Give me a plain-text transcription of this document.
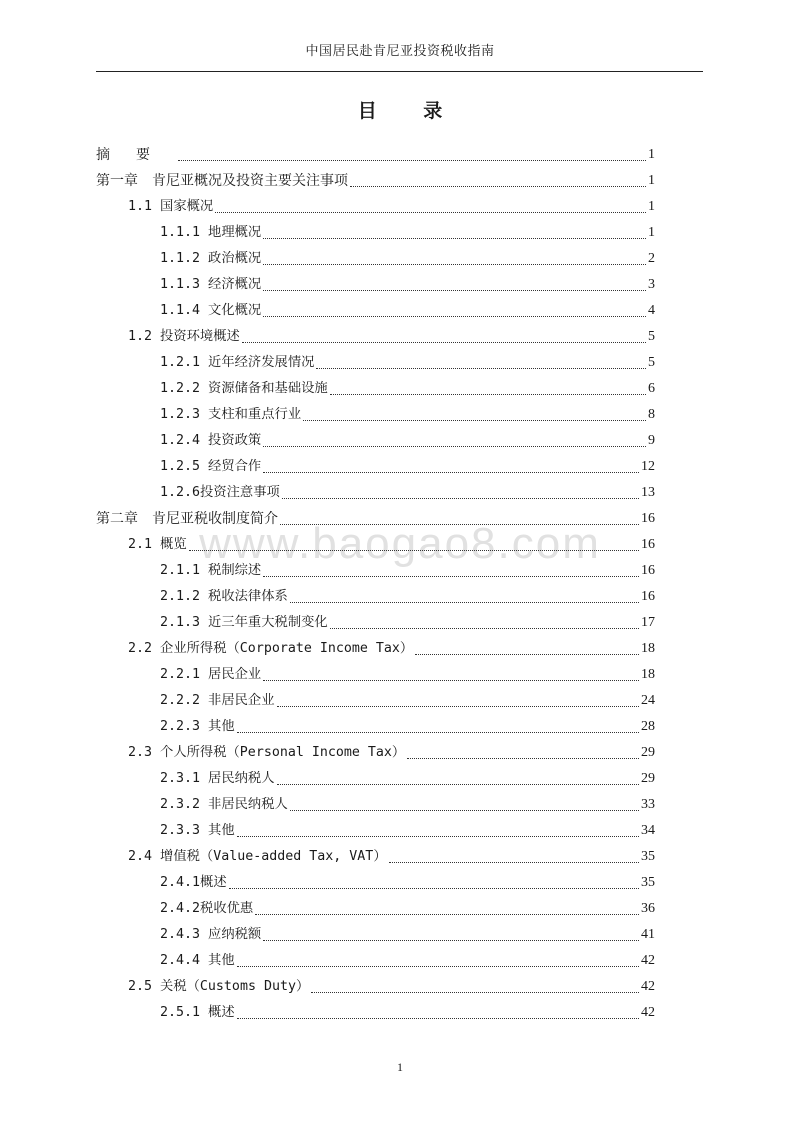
中国居民赴肯尼亚投资税收指南
目 录
www.baogao8.com
摘要	1
第一章　肯尼亚概况及投资主要关注事项	1
1.1 国家概况	1
1.1.1 地理概况	1
1.1.2 政治概况	2
1.1.3 经济概况	3
1.1.4 文化概况	4
1.2 投资环境概述	5
1.2.1 近年经济发展情况	5
1.2.2 资源储备和基础设施	6
1.2.3 支柱和重点行业	8
1.2.4 投资政策	9
1.2.5 经贸合作	12
1.2.6投资注意事项	13
第二章　肯尼亚税收制度简介	16
2.1 概览	16
2.1.1 税制综述	16
2.1.2 税收法律体系	16
2.1.3 近三年重大税制变化	17
2.2 企业所得税（Corporate Income Tax）	18
2.2.1 居民企业	18
2.2.2 非居民企业	24
2.2.3 其他	28
2.3 个人所得税（Personal Income Tax）	29
2.3.1 居民纳税人	29
2.3.2 非居民纳税人	33
2.3.3 其他	34
2.4 增值税（Value-added Tax, VAT）	35
2.4.1概述	35
2.4.2税收优惠	36
2.4.3 应纳税额	41
2.4.4 其他	42
2.5 关税（Customs Duty）	42
2.5.1 概述	42
1
